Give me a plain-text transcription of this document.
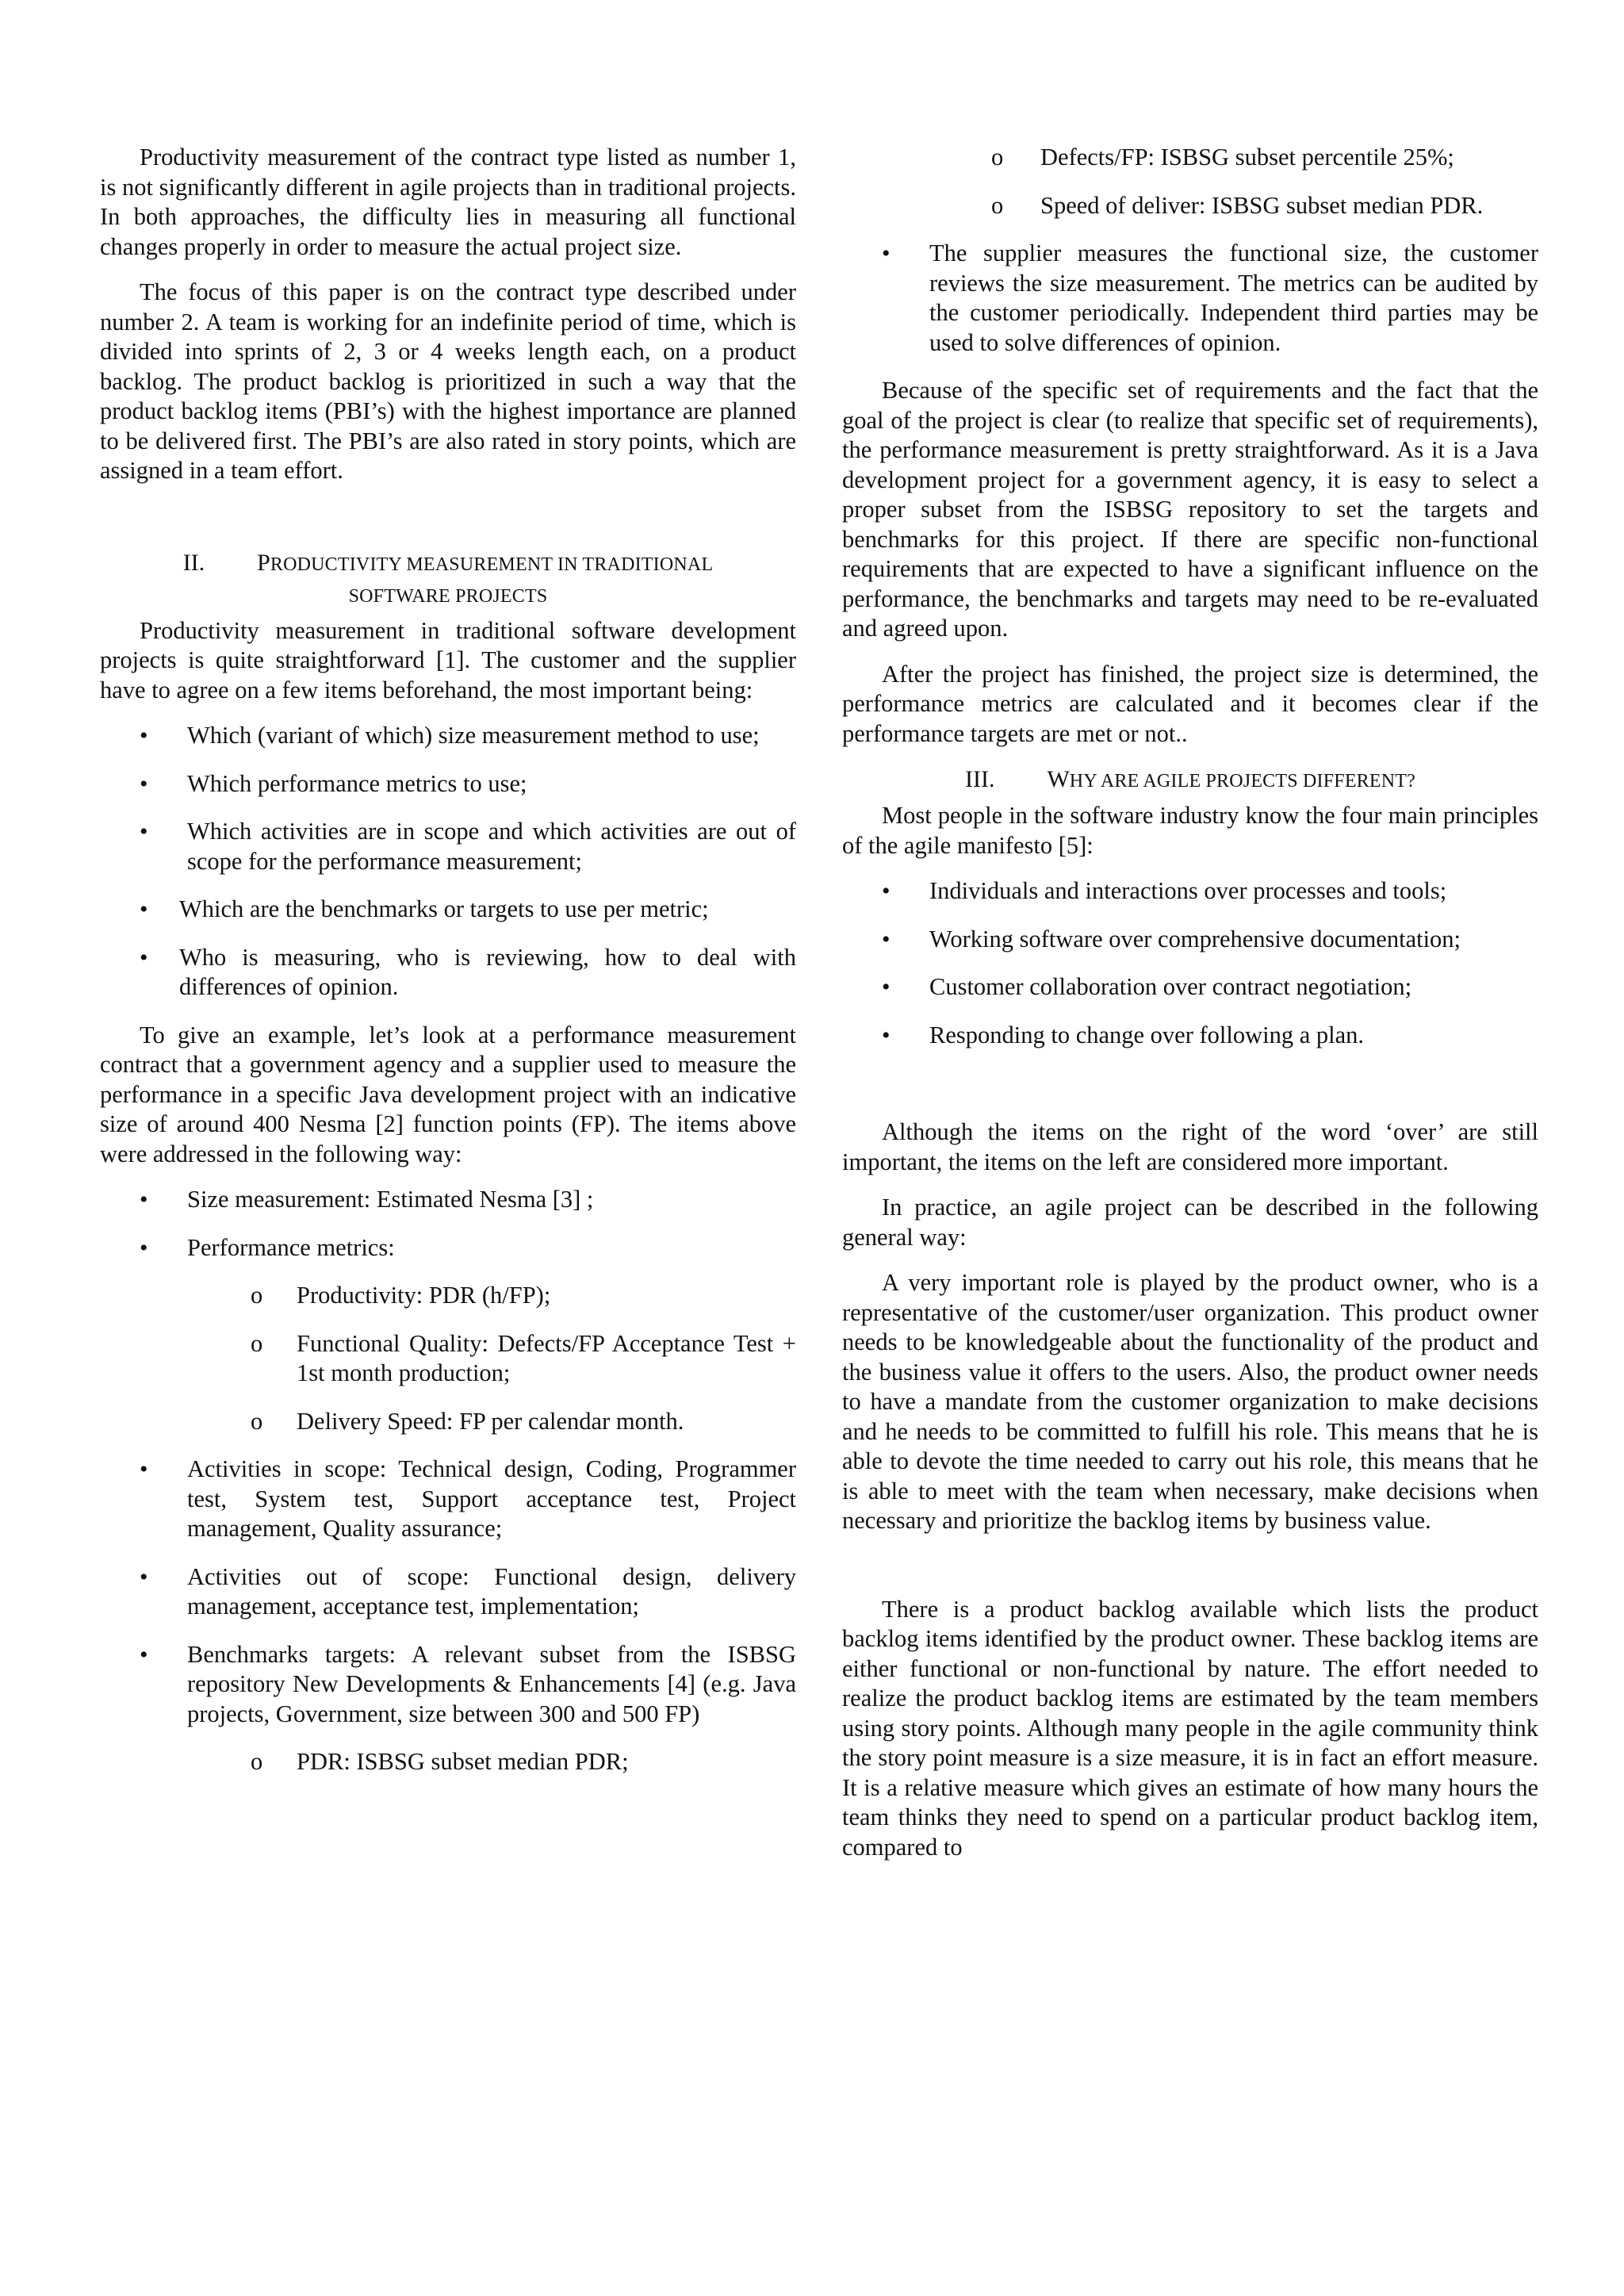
Productivity measurement of the contract type listed as number 1, is not significantly different in agile projects than in traditional projects. In both approaches, the difficulty lies in measuring all functional changes properly in order to measure the actual project size.

The focus of this paper is on the contract type described under number 2. A team is working for an indefinite period of time, which is divided into sprints of 2, 3 or 4 weeks length each, on a product backlog. The product backlog is prioritized in such a way that the product backlog items (PBI’s) with the highest importance are planned to be delivered first. The PBI’s are also rated in story points, which are assigned in a team effort.

II. PRODUCTIVITY MEASUREMENT IN TRADITIONAL
SOFTWARE PROJECTS

Productivity measurement in traditional software development projects is quite straightforward [1]. The customer and the supplier have to agree on a few items beforehand, the most important being:

• Which (variant of which) size measurement method to use;
• Which performance metrics to use;
• Which activities are in scope and which activities are out of scope for the performance measurement;
• Which are the benchmarks or targets to use per metric;
• Who is measuring, who is reviewing, how to deal with differences of opinion.

To give an example, let’s look at a performance measurement contract that a government agency and a supplier used to measure the performance in a specific Java development project with an indicative size of around 400 Nesma [2] function points (FP). The items above were addressed in the following way:

• Size measurement: Estimated Nesma [3] ;
• Performance metrics:
o Productivity: PDR (h/FP);
o Functional Quality: Defects/FP Acceptance Test + 1st month production;
o Delivery Speed: FP per calendar month.
• Activities in scope: Technical design, Coding, Programmer test, System test, Support acceptance test, Project management, Quality assurance;
• Activities out of scope: Functional design, delivery management, acceptance test, implementation;
• Benchmarks targets: A relevant subset from the ISBSG repository New Developments & Enhancements [4] (e.g. Java projects, Government, size between 300 and 500 FP)
o PDR: ISBSG subset median PDR;
o Defects/FP: ISBSG subset percentile 25%;
o Speed of deliver: ISBSG subset median PDR.
• The supplier measures the functional size, the customer reviews the size measurement. The metrics can be audited by the customer periodically. Independent third parties may be used to solve differences of opinion.

Because of the specific set of requirements and the fact that the goal of the project is clear (to realize that specific set of requirements), the performance measurement is pretty straightforward. As it is a Java development project for a government agency, it is easy to select a proper subset from the ISBSG repository to set the targets and benchmarks for this project. If there are specific non-functional requirements that are expected to have a significant influence on the performance, the benchmarks and targets may need to be re-evaluated and agreed upon.

After the project has finished, the project size is determined, the performance metrics are calculated and it becomes clear if the performance targets are met or not..

III. WHY ARE AGILE PROJECTS DIFFERENT?

Most people in the software industry know the four main principles of the agile manifesto [5]:

• Individuals and interactions over processes and tools;
• Working software over comprehensive documentation;
• Customer collaboration over contract negotiation;
• Responding to change over following a plan.

Although the items on the right of the word ‘over’ are still important, the items on the left are considered more important.

In practice, an agile project can be described in the following general way:

A very important role is played by the product owner, who is a representative of the customer/user organization. This product owner needs to be knowledgeable about the functionality of the product and the business value it offers to the users. Also, the product owner needs to have a mandate from the customer organization to make decisions and he needs to be committed to fulfill his role. This means that he is able to devote the time needed to carry out his role, this means that he is able to meet with the team when necessary, make decisions when necessary and prioritize the backlog items by business value.

There is a product backlog available which lists the product backlog items identified by the product owner. These backlog items are either functional or non-functional by nature. The effort needed to realize the product backlog items are estimated by the team members using story points. Although many people in the agile community think the story point measure is a size measure, it is in fact an effort measure. It is a relative measure which gives an estimate of how many hours the team thinks they need to spend on a particular product backlog item, compared to
